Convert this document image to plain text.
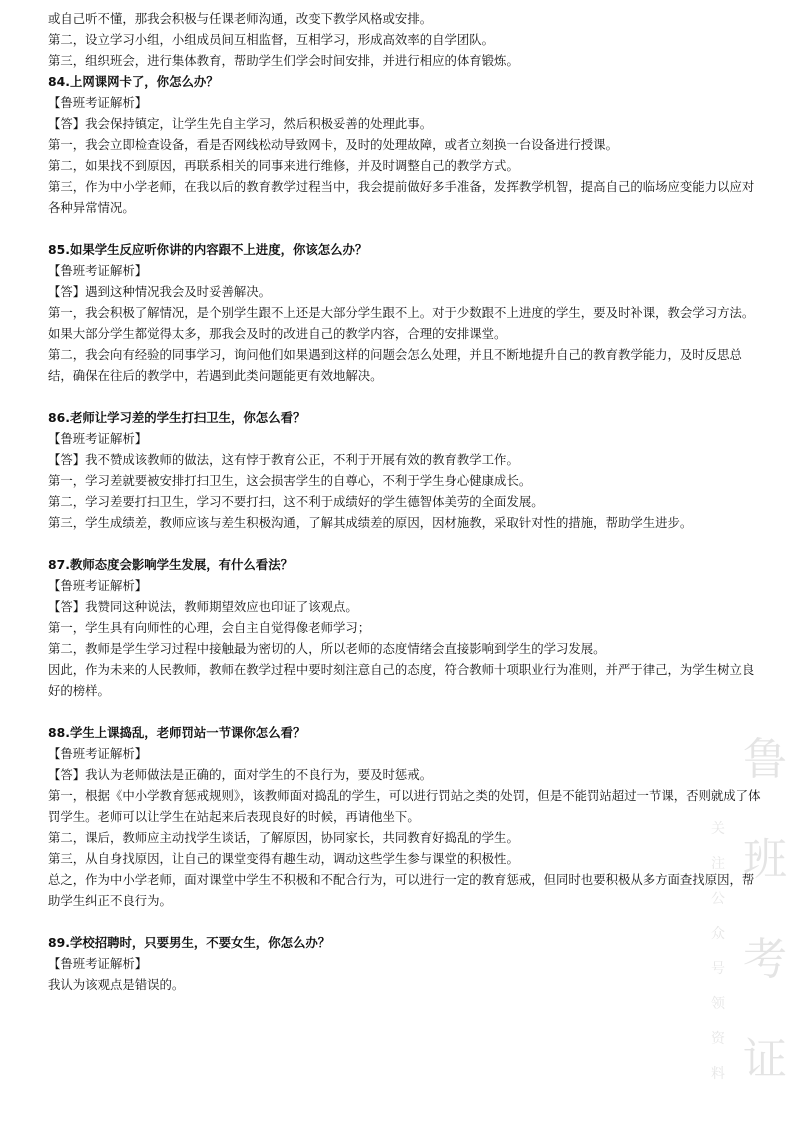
或自己听不懂，那我会积极与任课老师沟通，改变下教学风格或安排。
第二，设立学习小组，小组成员间互相监督，互相学习，形成高效率的自学团队。
第三，组织班会，进行集体教育，帮助学生们学会时间安排，并进行相应的体育锻炼。
84.上网课网卡了，你怎么办？
【鲁班考证解析】
【答】我会保持镇定，让学生先自主学习，然后积极妥善的处理此事。
第一，我会立即检查设备，看是否网线松动导致网卡，及时的处理故障，或者立刻换一台设备进行授课。
第二，如果找不到原因，再联系相关的同事来进行维修，并及时调整自己的教学方式。
第三，作为中小学老师，在我以后的教育教学过程当中，我会提前做好多手准备，发挥教学机智，提高自己的临场应变能力以应对各种异常情况。
85.如果学生反应听你讲的内容跟不上进度，你该怎么办？
【鲁班考证解析】
【答】遇到这种情况我会及时妥善解决。
第一，我会积极了解情况，是个别学生跟不上还是大部分学生跟不上。对于少数跟不上进度的学生，要及时补课，教会学习方法。如果大部分学生都觉得太多，那我会及时的改进自己的教学内容，合理的安排课堂。
第二，我会向有经验的同事学习，询问他们如果遇到这样的问题会怎么处理，并且不断地提升自己的教育教学能力，及时反思总结，确保在往后的教学中，若遇到此类问题能更有效地解决。
86.老师让学习差的学生打扫卫生，你怎么看？
【鲁班考证解析】
【答】我不赞成该教师的做法，这有悖于教育公正，不利于开展有效的教育教学工作。
第一，学习差就要被安排打扫卫生，这会损害学生的自尊心，不利于学生身心健康成长。
第二，学习差要打扫卫生，学习不要打扫，这不利于成绩好的学生德智体美劳的全面发展。
第三，学生成绩差，教师应该与差生积极沟通，了解其成绩差的原因，因材施教，采取针对性的措施，帮助学生进步。
87.教师态度会影响学生发展，有什么看法？
【鲁班考证解析】
【答】我赞同这种说法，教师期望效应也印证了该观点。
第一，学生具有向师性的心理，会自主自觉得像老师学习；
第二，教师是学生学习过程中接触最为密切的人，所以老师的态度情绪会直接影响到学生的学习发展。
因此，作为未来的人民教师，教师在教学过程中要时刻注意自己的态度，符合教师十项职业行为准则，并严于律己，为学生树立良好的榜样。
88.学生上课捣乱，老师罚站一节课你怎么看？
【鲁班考证解析】
【答】我认为老师做法是正确的，面对学生的不良行为，要及时惩戒。
第一，根据《中小学教育惩戒规则》，该教师面对捣乱的学生，可以进行罚站之类的处罚，但是不能罚站超过一节课，否则就成了体罚学生。老师可以让学生在站起来后表现良好的时候，再请他坐下。
第二，课后，教师应主动找学生谈话，了解原因，协同家长，共同教育好捣乱的学生。
第三，从自身找原因，让自己的课堂变得有趣生动，调动这些学生参与课堂的积极性。
总之，作为中小学老师，面对课堂中学生不积极和不配合行为，可以进行一定的教育惩戒，但同时也要积极从多方面查找原因，帮助学生纠正不良行为。
89.学校招聘时，只要男生，不要女生，你怎么办？
【鲁班考证解析】
我认为该观点是错误的。
鲁
班
考
证
关
注
公
众
号
领
资
料
